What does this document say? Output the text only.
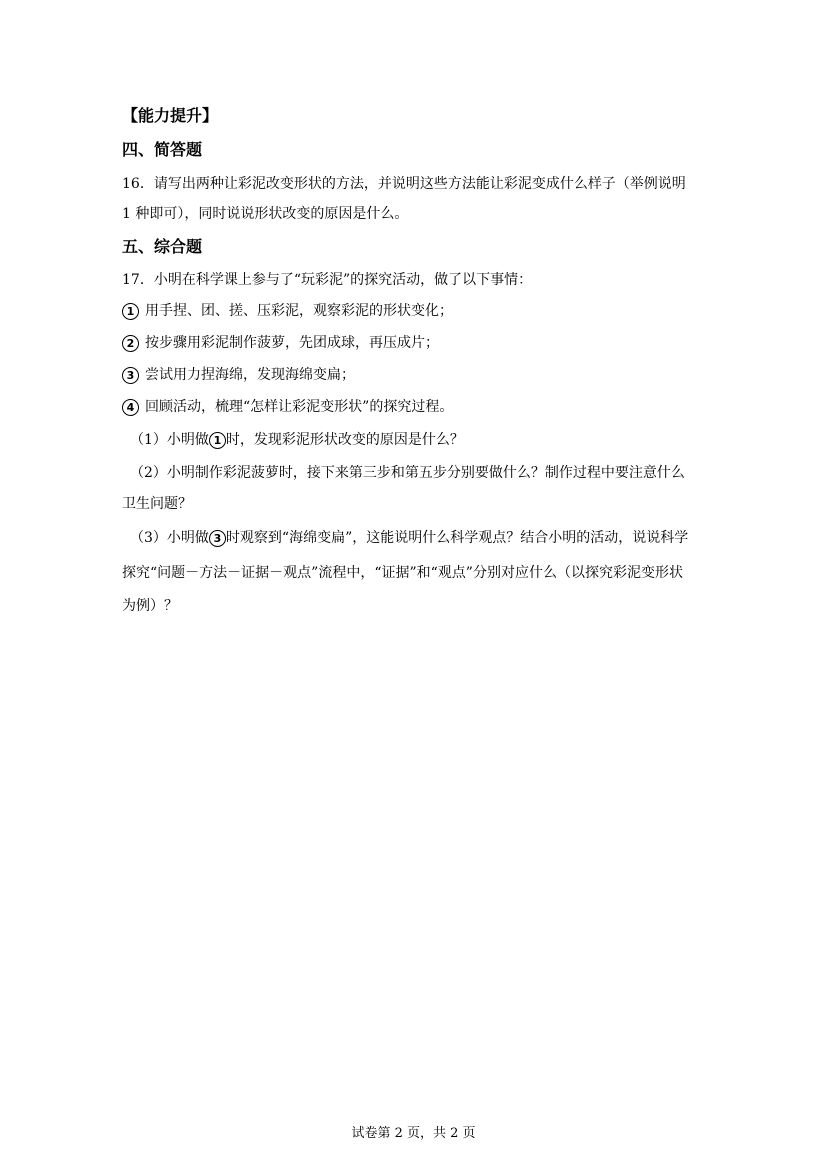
【能力提升】
四、简答题
16．请写出两种让彩泥改变形状的方法，并说明这些方法能让彩泥变成什么样子（举例说明
1 种即可），同时说说形状改变的原因是什么。
五、综合题
17．小明在科学课上参与了“玩彩泥”的探究活动，做了以下事情：
1 用手捏、团、搓、压彩泥，观察彩泥的形状变化；
2 按步骤用彩泥制作菠萝，先团成球，再压成片；
3 尝试用力捏海绵，发现海绵变扁；
4 回顾活动，梳理“怎样让彩泥变形状”的探究过程。
（1）小明做 1 时，发现彩泥形状改变的原因是什么？
（2）小明制作彩泥菠萝时，接下来第三步和第五步分别要做什么？制作过程中要注意什么
卫生问题？
（3）小明做 3 时观察到“海绵变扁”，这能说明什么科学观点？结合小明的活动，说说科学
探究“问题－方法－证据－观点”流程中，“证据”和“观点”分别对应什么（以探究彩泥变形状
为例）？
试卷第 2 页，共 2 页
